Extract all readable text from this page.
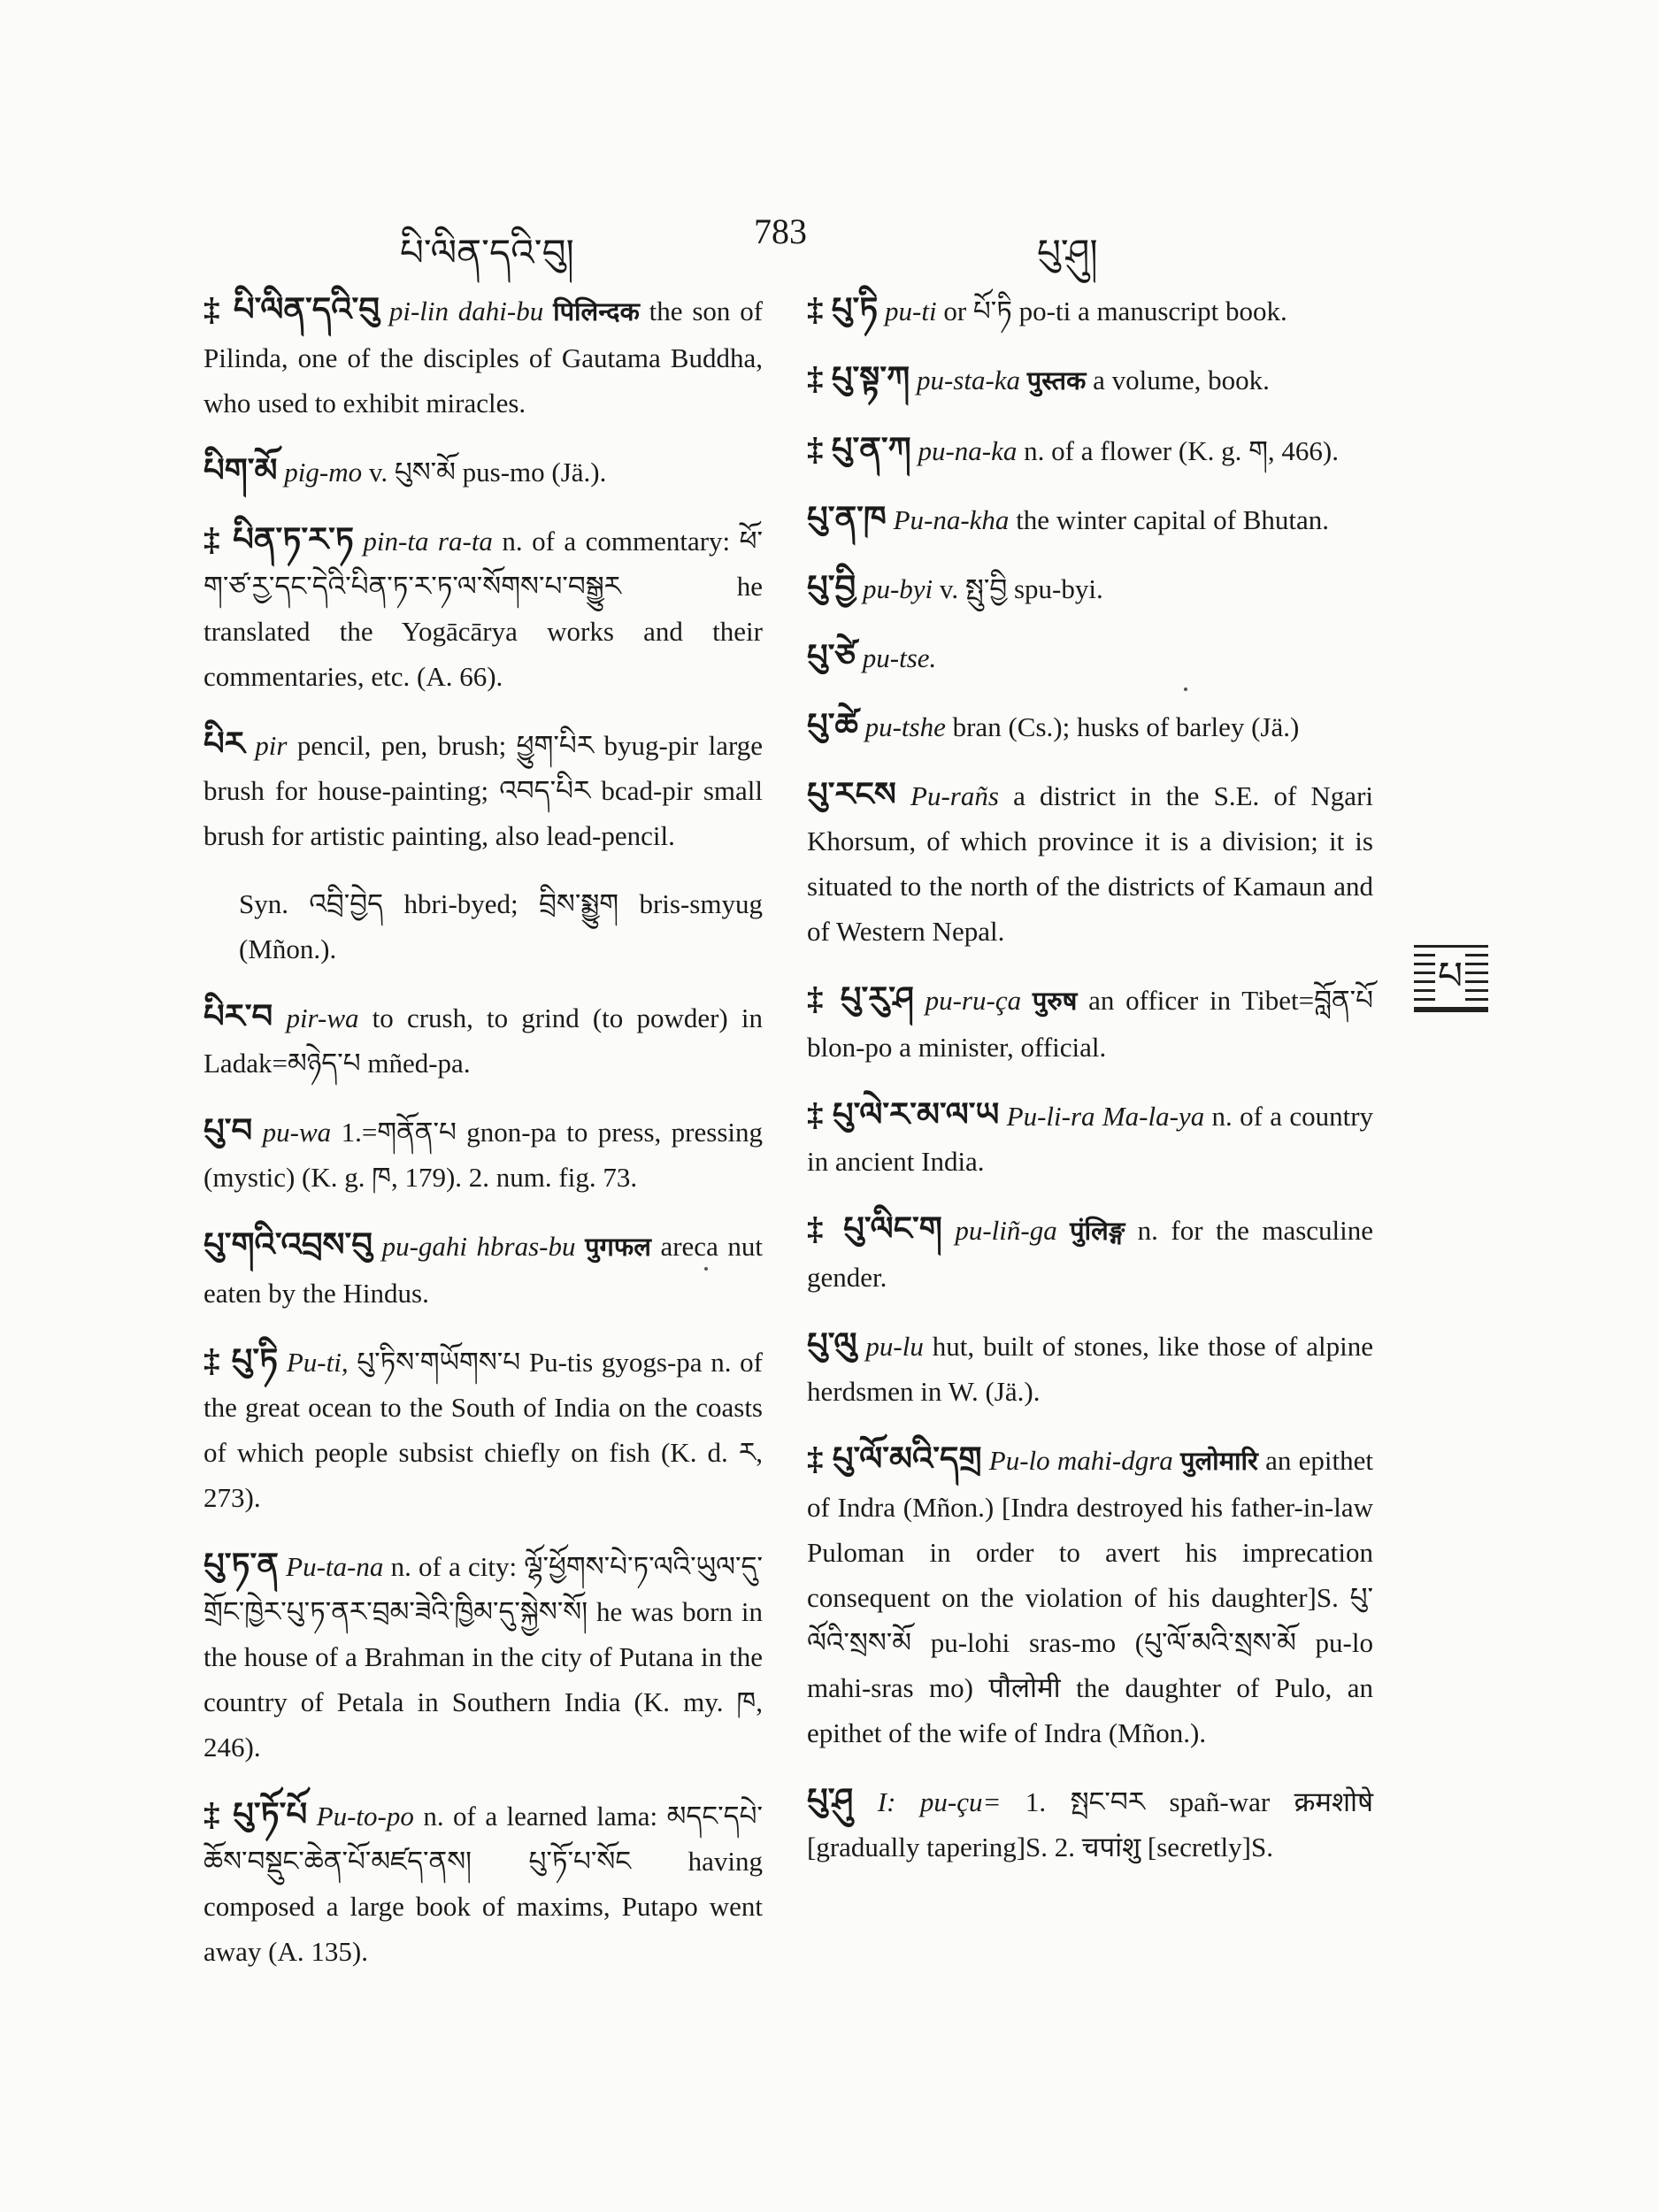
པི་ལིན་དའི་བུ།	783	པུ་ཤུ།

‡ པི་ལིན་དའི་བུ pi-lin dahi-bu पिलिन्दक the son of Pilinda, one of the disciples of Gautama Buddha, who used to exhibit miracles.

པིག་མོ pig-mo v. པུས་མོ pus-mo (Jä.).

‡ པིན་ཏ་ར་ཏ pin-ta ra-ta n. of a commentary: ཕོ་ག་ཙ་རྱ་དང་དེའི་པིན་ཏ་ར་ཏ་ལ་སོགས་པ་བསྒྱུར he translated the Yogācārya works and their commentaries, etc. (A. 66).

པིར pir pencil, pen, brush; ཕྱུག་པིར byug-pir large brush for house-painting; འབད་པིར bcad-pir small brush for artistic painting, also lead-pencil.

Syn. འབྲི་བྱེད hbri-byed; བྲིས་སྨྱུག bris-smyug (Mñon.).

པིར་བ pir-wa to crush, to grind (to powder) in Ladak=མཉེད་པ mñed-pa.

པུ་བ pu-wa 1.=གནོན་པ gnon-pa to press, pressing (mystic) (K. g. ཁ, 179). 2. num. fig. 73.

པུ་གའི་འབྲས་བུ pu-gahi hbras-bu पुगफल areca nut eaten by the Hindus.

‡ པུ་ཏི Pu-ti, པུ་ཏིས་གཡོགས་པ Pu-tis gyogs-pa n. of the great ocean to the South of India on the coasts of which people subsist chiefly on fish (K. d. ར, 273).

པུ་ཏ་ན Pu-ta-na n. of a city: ལྷོ་ཕྱོགས་པེ་ཏ་ལའི་ཡུལ་དུ་གྲོང་ཁྱེར་པུ་ཏ་ནར་བྲམ་ཟེའི་ཁྱིམ་དུ་སྐྱེས་སོ། he was born in the house of a Brahman in the city of Putana in the country of Petala in Southern India (K. my. ཁ, 246).

‡ པུ་ཏོ་པོ Pu-to-po n. of a learned lama: མདང་དཔེ་ཆོས་བསྡུང་ཆེན་པོ་མཛད་ནས། པུ་ཏོ་པ་སོང having composed a large book of maxims, Putapo went away (A. 135).

‡ པུ་ཏི pu-ti or པོ་ཏི po-ti a manuscript book.

‡ པུ་སྟ་ཀ pu-sta-ka पुस्तक a volume, book.

‡ པུ་ན་ཀ pu-na-ka n. of a flower (K. g. ག, 466).

པུ་ན་ཁ Pu-na-kha the winter capital of Bhutan.

པུ་བྱི pu-byi v. སྤུ་བྱི spu-byi.

པུ་ཙེ pu-tse.

པུ་ཚེ pu-tshe bran (Cs.); husks of barley (Jä.)

པུ་རངས Pu-rañs a district in the S.E. of Ngari Khorsum, of which province it is a division; it is situated to the north of the districts of Kamaun and of Western Nepal.

‡ པུ་རུ་ཤ pu-ru-ça पुरुष an officer in Tibet=བློན་པོ blon-po a minister, official.

‡ པུ་ལེ་ར་མ་ལ་ཡ Pu-li-ra Ma-la-ya n. of a country in ancient India.

‡ པུ་ལིང་ག pu-liñ-ga पुंलिङ्ग n. for the masculine gender.

པུ་ལུ pu-lu hut, built of stones, like those of alpine herdsmen in W. (Jä.).

‡ པུ་ལོ་མའི་དགྲ Pu-lo mahi-dgra पुलोमारि an epithet of Indra (Mñon.) [Indra destroyed his father-in-law Puloman in order to avert his imprecation consequent on the violation of his daughter]S. པུ་ལོའི་སྲས་མོ pu-lohi sras-mo (པུ་ལོ་མའི་སྲས་མོ pu-lo mahi-sras mo) पौलोमी the daughter of Pulo, an epithet of the wife of Indra (Mñon.).

པུ་ཤུ I: pu-çu= 1. སྤང་བར spañ-war क्रमशोषे [gradually tapering]S. 2. चपांशु [secretly]S.

པ
